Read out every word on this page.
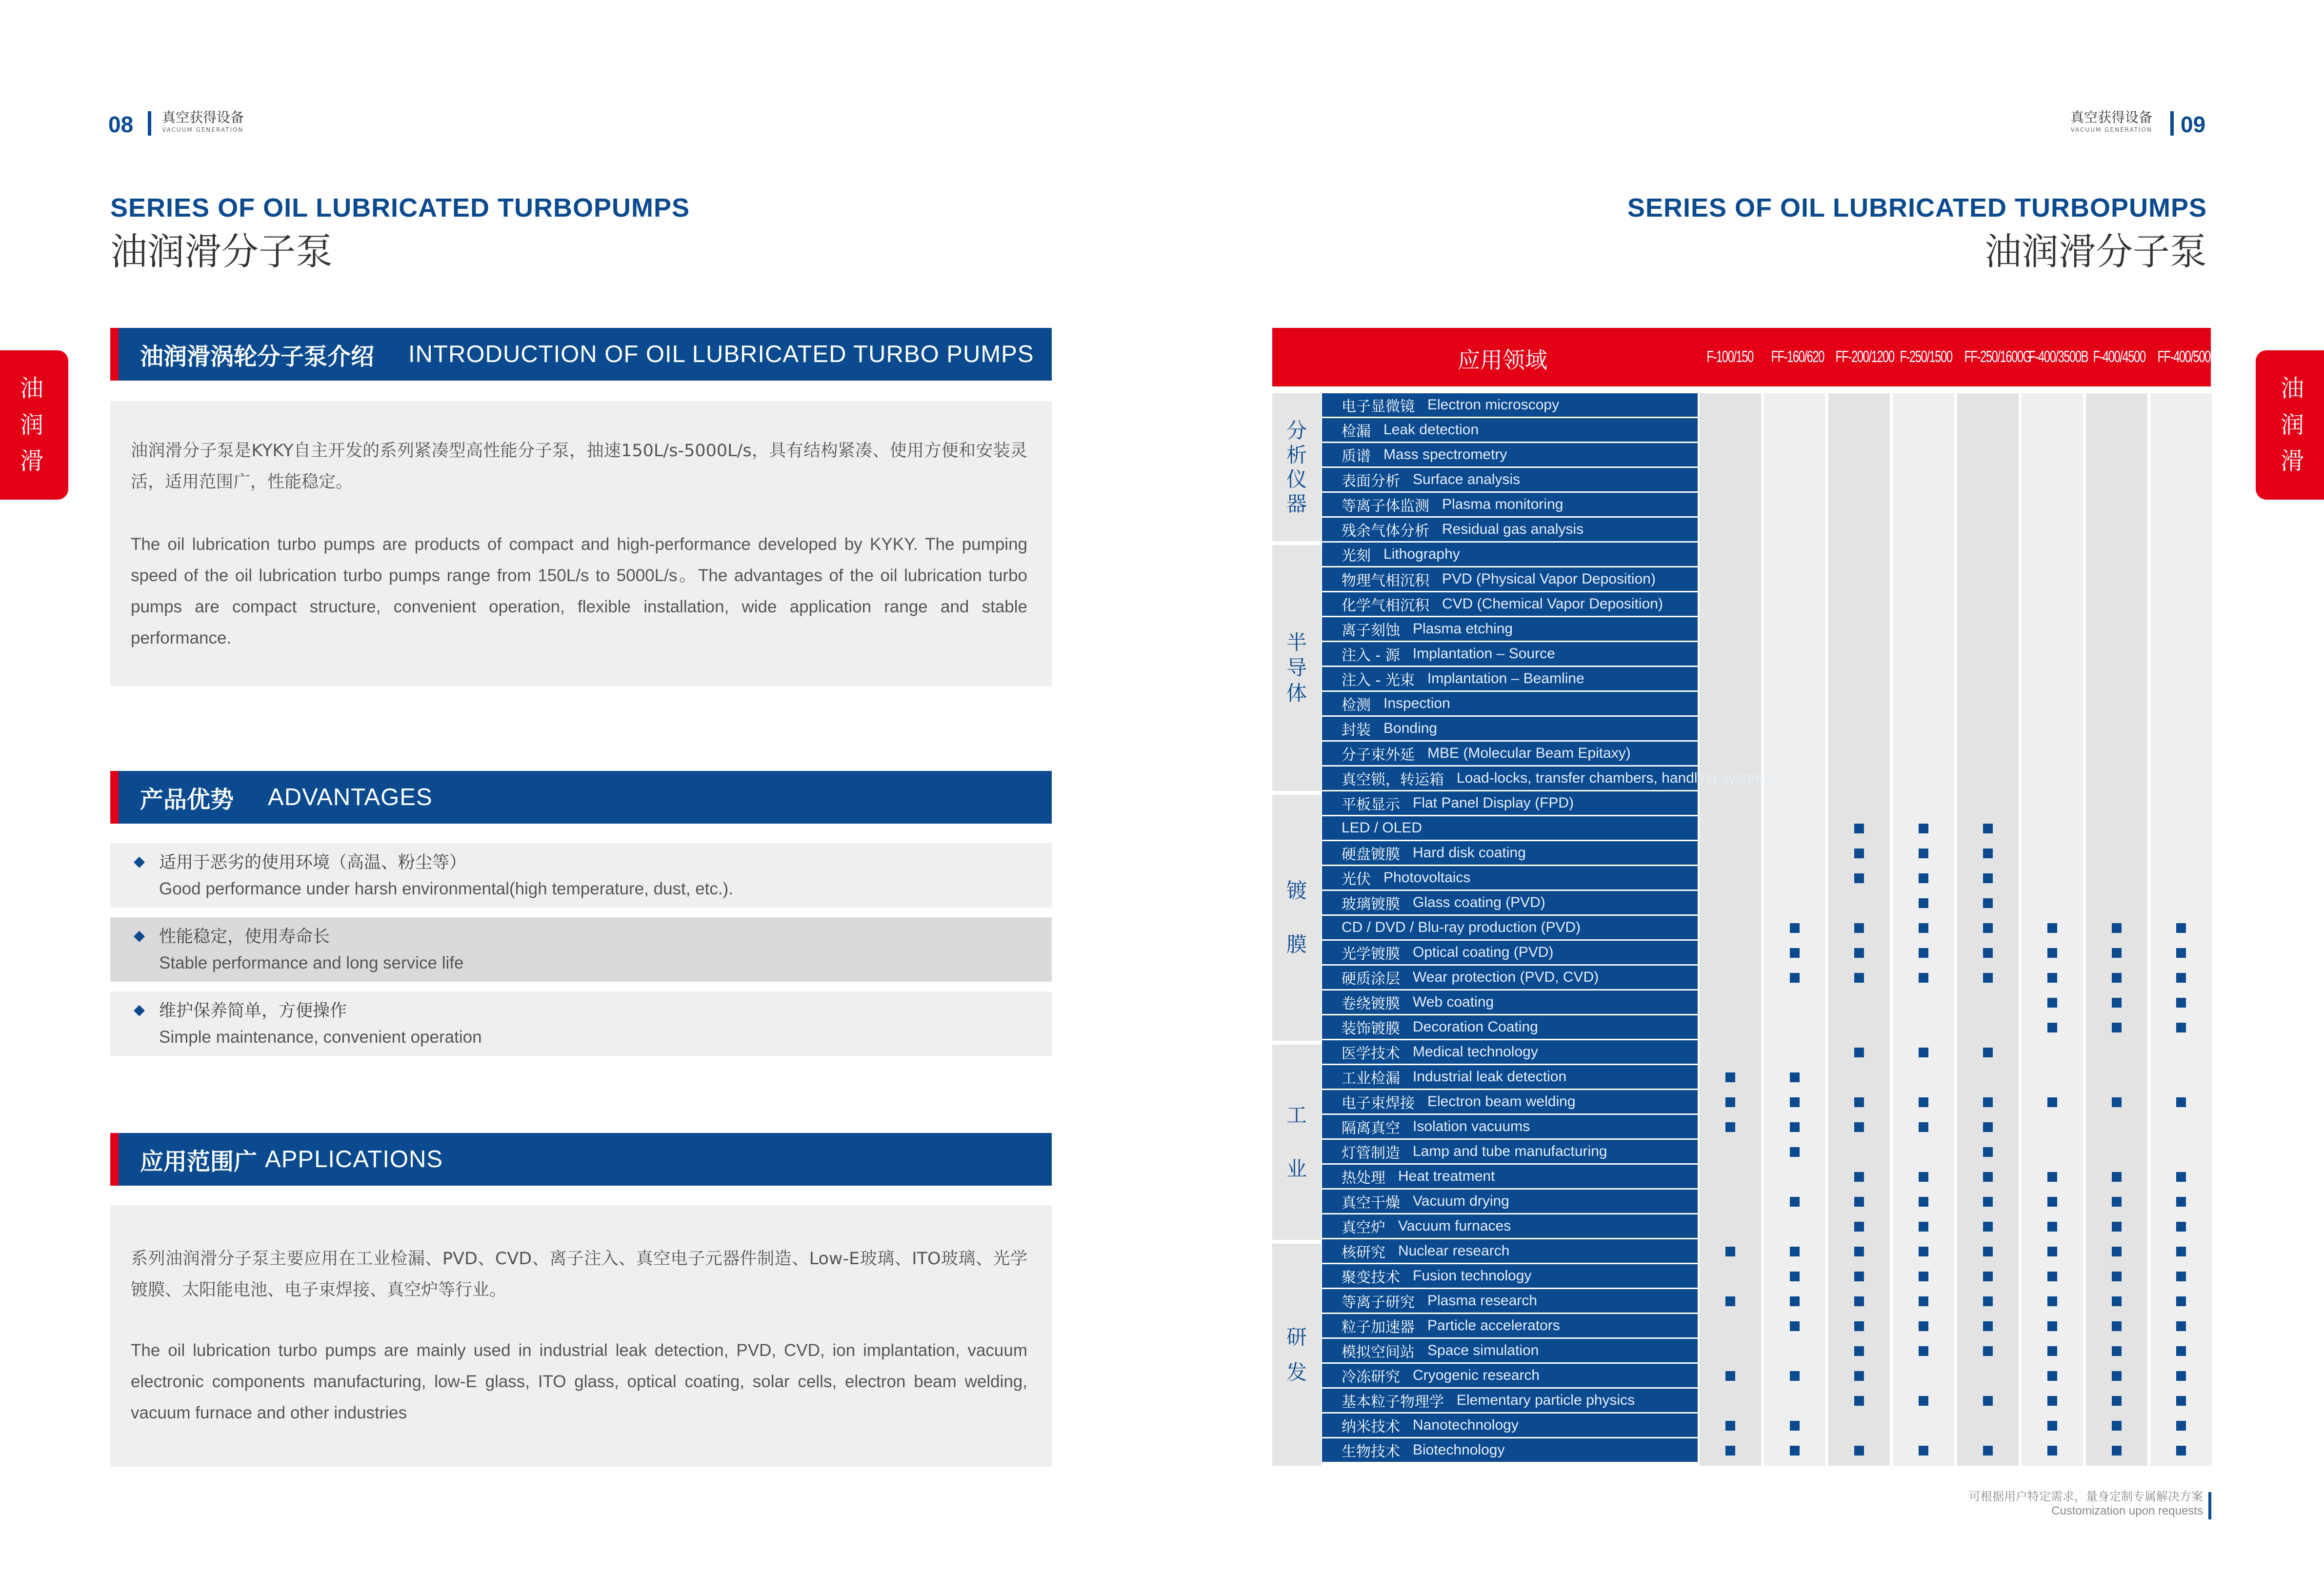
08 真空获得设备
VACUUM GENERATION
SERIES OF OIL LUBRICATED TURBOPUMPS
油润滑分子泵
油
润
滑
油润滑涡轮分子泵介绍 INTRODUCTION OF OIL LUBRICATED TURBO PUMPS

油润滑分子泵是KYKY自主开发的系列紧凑型高性能分子泵，抽速150L/s-5000L/s，具有结构紧凑、使用方便和安装灵活，适用范围广，性能稳定。

The oil lubrication turbo pumps are products of compact and high-performance developed by KYKY. The pumping speed of the oil lubrication turbo pumps range from 150L/s to 5000L/s。The advantages of the oil lubrication turbo pumps are compact structure, convenient operation, flexible installation, wide application range and stable performance.

产品优势 ADVANTAGES
◆ 适用于恶劣的使用环境（高温、粉尘等）
Good performance under harsh environmental(high temperature, dust, etc.).
◆ 性能稳定，使用寿命长
Stable performance and long service life
◆ 维护保养简单，方便操作
Simple maintenance, convenient operation
应用范围广 APPLICATIONS

系列油润滑分子泵主要应用在工业检漏、PVD、CVD、离子注入、真空电子元器件制造、Low-E玻璃、ITO玻璃、光学镀膜、太阳能电池、电子束焊接、真空炉等行业。

The oil lubrication turbo pumps are mainly used in industrial leak detection, PVD, CVD, ion implantation, vacuum electronic components manufacturing, low-E glass, ITO glass, optical coating, solar cells, electron beam welding, vacuum furnace and other industries

真空获得设备
VACUUM GENERATION 09
SERIES OF OIL LUBRICATED TURBOPUMPS
油润滑分子泵
油
润
滑
应用领域	F-100/150 FF-160/620 FF-200/1200 F-250/1500 FF-250/1600G
F-400/3500B F-400/4500 FF-400/5000
分析仪器
半导体
镀膜
工业
研发
电子显微镜 Electron microscopy
检漏 Leak detection
质谱 Mass spectrometry
表面分析 Surface analysis
等离子体监测 Plasma monitoring
残余气体分析 Residual gas analysis
光刻 Lithography
物理气相沉积 PVD (Physical Vapor Deposition)
化学气相沉积 CVD (Chemical Vapor Deposition)
离子刻蚀 Plasma etching
注入 - 源 Implantation – Source
注入 - 光束 Implantation – Beamline
检测 Inspection
封装 Bonding
分子束外延 MBE (Molecular Beam Epitaxy)
真空锁，转运箱 Load-locks, transfer chambers, handling systems
平板显示 Flat Panel Display (FPD)
LED / OLED
硬盘镀膜 Hard disk coating
光伏 Photovoltaics
玻璃镀膜 Glass coating (PVD)
CD / DVD / Blu-ray production (PVD)
光学镀膜 Optical coating (PVD)
硬质涂层 Wear protection (PVD, CVD)
卷绕镀膜 Web coating
装饰镀膜 Decoration Coating
医学技术 Medical technology
工业检漏 Industrial leak detection
电子束焊接 Electron beam welding
隔离真空 Isolation vacuums
灯管制造 Lamp and tube manufacturing
热处理 Heat treatment
真空干燥 Vacuum drying
真空炉 Vacuum furnaces
核研究 Nuclear research
聚变技术 Fusion technology
等离子研究 Plasma research
粒子加速器 Particle accelerators
模拟空间站 Space simulation
冷冻研究 Cryogenic research
基本粒子物理学 Elementary particle physics
纳米技术 Nanotechnology
生物技术 Biotechnology
可根据用户特定需求，量身定制专属解决方案
Customization upon requests
